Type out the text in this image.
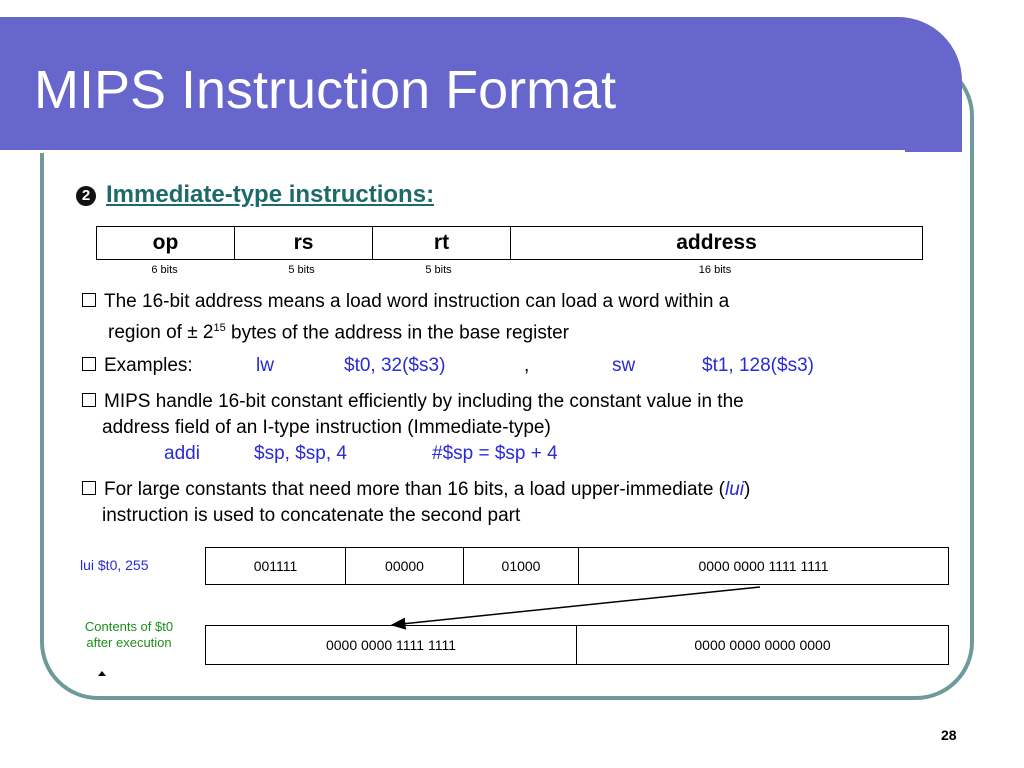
MIPS Instruction Format
2 Immediate-type instructions:
op	rs	rt	address
6 bits	5 bits	5 bits	16 bits
The 16-bit address means a load word instruction can load a word within a
region of ± $2^{15}$ bytes of the address in the base register
Examples:	lw	$t0, 32($s3)	,	sw	$t1, 128($s3)
MIPS handle 16-bit constant efficiently by including the constant value in the
address field of an I-type instruction (Immediate-type)
addi	$sp, $sp, 4	#$sp = $sp + 4
For large constants that need more than 16 bits, a load upper-immediate (lui)
instruction is used to concatenate the second part
lui $t0, 255	001111	00000	01000	0000 0000 1111 1111
Contents of $t0 after execution	0000 0000 1111 1111	0000 0000 0000 0000
28
